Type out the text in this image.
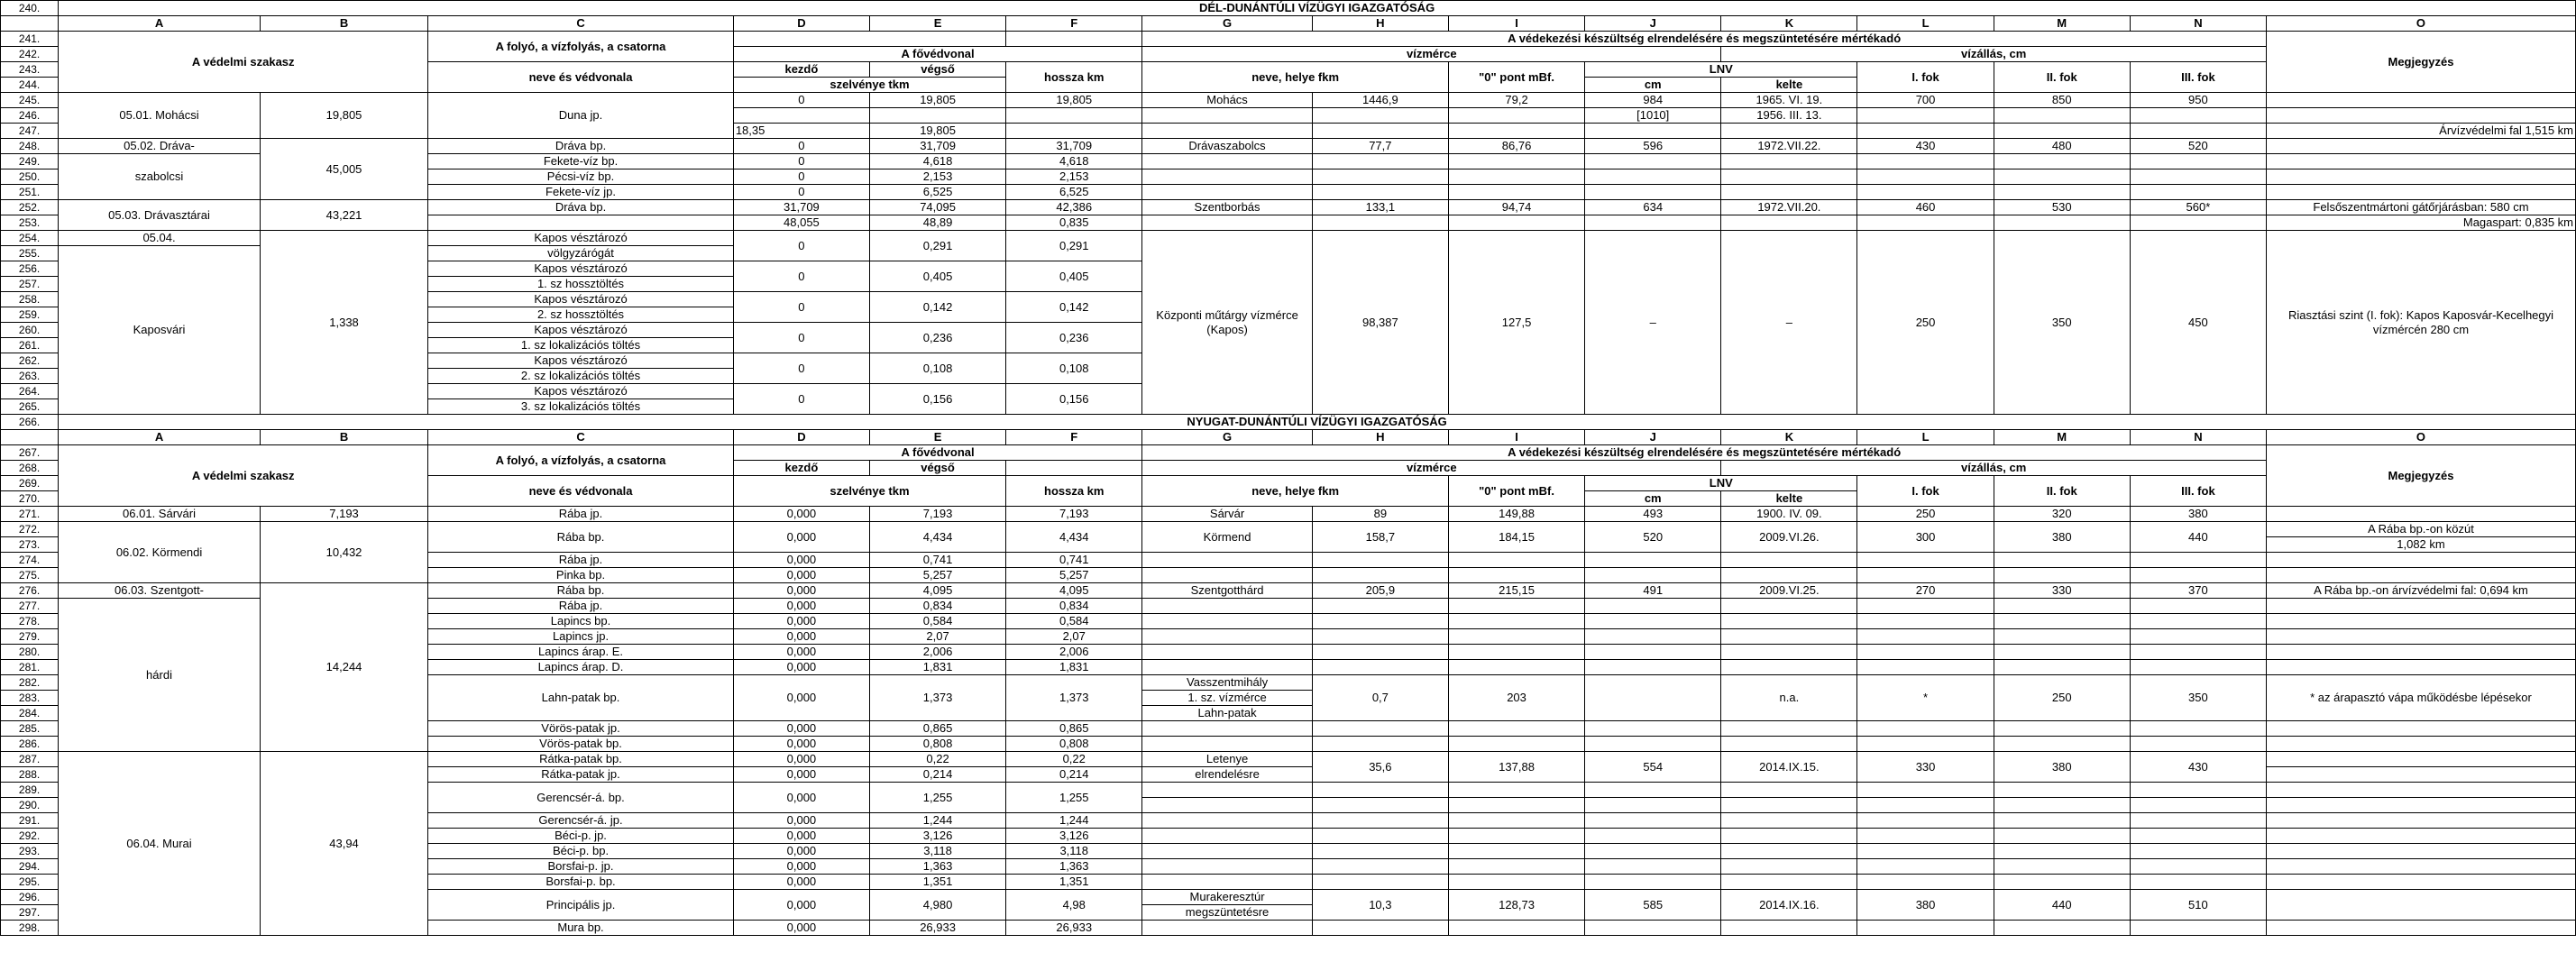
240.	DÉL-DUNÁNTÚLI VÍZÜGYI IGAZGATÓSÁG														
	A	B	C	D	E	F	G	H	I	J	K	L	M	N	O
241.	A védelmi szakasz		A folyó, a vízfolyás, a csatorna				A védekezési készültség elrendelésére és megszüntetésére mértékadó								Megjegyzés
242.				A fővédvonal			vízmérce				vízállás, cm				
243.			neve és védvonala	kezdő	végső	hossza km	neve, helye fkm		"0" pont mBf.	LNV		I. fok	II. fok	III. fok	
244.				szelvénye tkm						cm	kelte				
245.	05.01. Mohácsi	19,805	Duna jp.	0	19,805	19,805	Mohács	1446,9	79,2	984	1965. VI. 19.	700	850	950	
246.										[1010]	1956. III. 13.				
247.				18,35	19,805										Árvízvédelmi fal 1,515 km
248.	05.02. Dráva-	45,005	Dráva bp.	0	31,709	31,709	Drávaszabolcs	77,7	86,76	596	1972.VII.22.	430	480	520	
249.	szabolcsi		Fekete-víz bp.	0	4,618	4,618									
250.			Pécsi-víz bp.	0	2,153	2,153									
251.			Fekete-víz jp.	0	6,525	6,525									
252.	05.03. Drávasztárai	43,221	Dráva bp.	31,709	74,095	42,386	Szentborbás	133,1	94,74	634	1972.VII.20.	460	530	560*	Felsőszentmártoni gátőrjárásban: 580 cm
253.				48,055	48,89	0,835									Magaspart: 0,835 km
254.	05.04.	1,338	Kapos vésztározó	0	0,291	0,291	Központi műtárgy vízmérce (Kapos)	98,387	127,5	–	–	250	350	450	Riasztási szint (I. fok): Kapos Kaposvár-Kecelhegyi vízmércén 280 cm
255.	Kaposvári		völgyzárógát												
256.			Kapos vésztározó	0	0,405	0,405									
257.			1. sz hossztöltés												
258.			Kapos vésztározó	0	0,142	0,142									
259.			2. sz hossztöltés												
260.			Kapos vésztározó	0	0,236	0,236									
261.			1. sz lokalizációs töltés												
262.			Kapos vésztározó	0	0,108	0,108									
263.			2. sz lokalizációs töltés												
264.			Kapos vésztározó	0	0,156	0,156									
265.			3. sz lokalizációs töltés												
266.	NYUGAT-DUNÁNTÚLI VÍZÜGYI IGAZGATÓSÁG														
	A	B	C	D	E	F	G	H	I	J	K	L	M	N	O
267.	A védelmi szakasz		A folyó, a vízfolyás, a csatorna	A fővédvonal			A védekezési készültség elrendelésére és megszüntetésére mértékadó								Megjegyzés
268.				kezdő	végső		vízmérce				vízállás, cm				
269.			neve és védvonala	szelvénye tkm		hossza km	neve, helye fkm		"0" pont mBf.	LNV		I. fok	II. fok	III. fok	
270.										cm	kelte				
271.	06.01. Sárvári	7,193	Rába jp.	0,000	7,193	7,193	Sárvár	89	149,88	493	1900. IV. 09.	250	320	380	
272.	06.02. Körmendi	10,432	Rába bp.	0,000	4,434	4,434	Körmend	158,7	184,15	520	2009.VI.26.	300	380	440	A Rába bp.-on közút
273.															1,082 km
274.			Rába jp.	0,000	0,741	0,741									
275.			Pinka bp.	0,000	5,257	5,257									
276.	06.03. Szentgott-	14,244	Rába bp.	0,000	4,095	4,095	Szentgotthárd	205,9	215,15	491	2009.VI.25.	270	330	370	A Rába bp.-on árvízvédelmi fal: 0,694 km
277.	hárdi		Rába jp.	0,000	0,834	0,834									
278.			Lapincs bp.	0,000	0,584	0,584									
279.			Lapincs jp.	0,000	2,07	2,07									
280.			Lapincs árap. E.	0,000	2,006	2,006									
281.			Lapincs árap. D.	0,000	1,831	1,831									
282.			Lahn-patak bp.	0,000	1,373	1,373	Vasszentmihály	0,7	203		n.a.	*	250	350	* az árapasztó vápa működésbe lépésekor
283.							1. sz. vízmérce								
284.							Lahn-patak								
285.			Vörös-patak jp.	0,000	0,865	0,865									
286.			Vörös-patak bp.	0,000	0,808	0,808									
287.	06.04. Murai	43,94	Rátka-patak bp.	0,000	0,22	0,22	Letenye	35,6	137,88	554	2014.IX.15.	330	380	430	
288.			Rátka-patak jp.	0,000	0,214	0,214	elrendelésre								
289.			Gerencsér-á. bp.	0,000	1,255	1,255									
290.															
291.			Gerencsér-á. jp.	0,000	1,244	1,244									
292.			Béci-p. jp.	0,000	3,126	3,126									
293.			Béci-p. bp.	0,000	3,118	3,118									
294.			Borsfai-p. jp.	0,000	1,363	1,363									
295.			Borsfai-p. bp.	0,000	1,351	1,351									
296.			Principális jp.	0,000	4,980	4,98	Murakeresztúr	10,3	128,73	585	2014.IX.16.	380	440	510	
297.							megszüntetésre								
298.			Mura bp.	0,000	26,933	26,933									
